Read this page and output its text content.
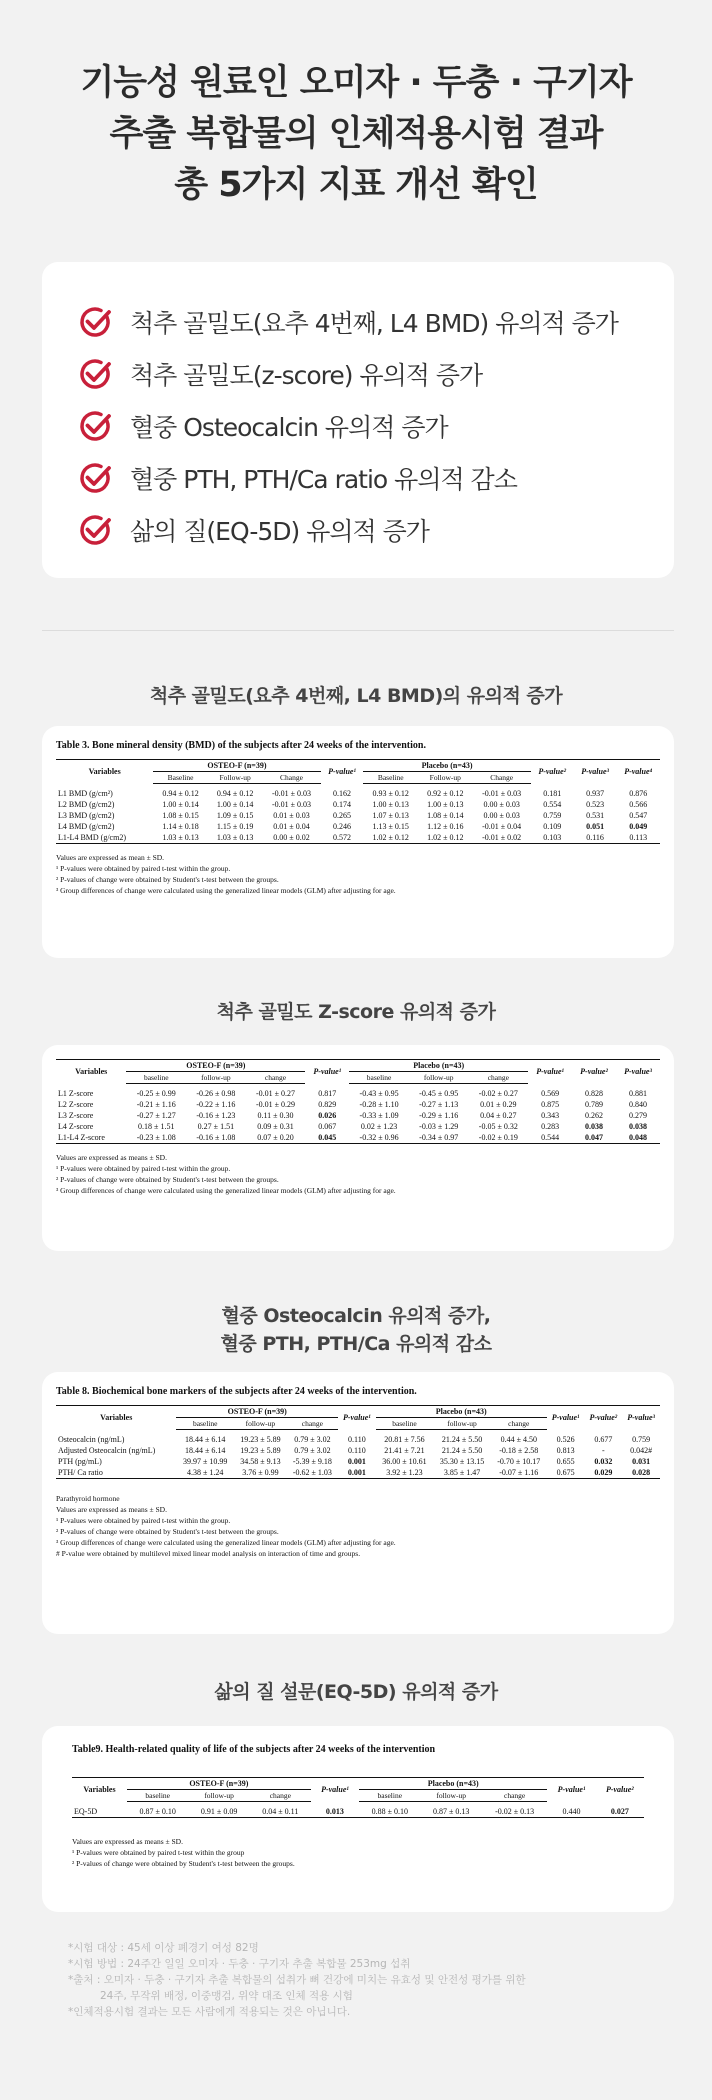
기능성 원료인 오미자 · 두충 · 구기자
추출 복합물의 인체적용시험 결과
총 5가지 지표 개선 확인
척추 골밀도(요추 4번째, L4 BMD) 유의적 증가
척추 골밀도(z-score) 유의적 증가
혈중 Osteocalcin 유의적 증가
혈중 PTH, PTH/Ca ratio 유의적 감소
삶의 질(EQ-5D) 유의적 증가
척추 골밀도(요추 4번째, L4 BMD)의 유의적 증가
Table 3. Bone mineral density (BMD) of the subjects after 24 weeks of the intervention.
Variables	OSTEO-F (n=39)			P-value¹	Placebo (n=43)			P-value²	P-value³	P-value⁴
	Baseline	Follow-up	Change		Baseline	Follow-up	Change			
L1 BMD (g/cm²)	0.94 ± 0.12	0.94 ± 0.12	-0.01 ± 0.03	0.162	0.93 ± 0.12	0.92 ± 0.12	-0.01 ± 0.03	0.181	0.937	0.876
L2 BMD (g/cm2)	1.00 ± 0.14	1.00 ± 0.14	-0.01 ± 0.03	0.174	1.00 ± 0.13	1.00 ± 0.13	0.00 ± 0.03	0.554	0.523	0.566
L3 BMD (g/cm2)	1.08 ± 0.15	1.09 ± 0.15	0.01 ± 0.03	0.265	1.07 ± 0.13	1.08 ± 0.14	0.00 ± 0.03	0.759	0.531	0.547
L4 BMD (g/cm2)	1.14 ± 0.18	1.15 ± 0.19	0.01 ± 0.04	0.246	1.13 ± 0.15	1.12 ± 0.16	-0.01 ± 0.04	0.109	0.051	0.049
L1-L4 BMD (g/cm2)	1.03 ± 0.13	1.03 ± 0.13	0.00 ± 0.02	0.572	1.02 ± 0.12	1.02 ± 0.12	-0.01 ± 0.02	0.103	0.116	0.113
Values are expressed as mean ± SD.
¹ P-values were obtained by paired t-test within the group.
² P-values of change were obtained by Student's t-test between the groups.
³ Group differences of change were calculated using the generalized linear models (GLM) after adjusting for age.
척추 골밀도 Z-score 유의적 증가
Variables	OSTEO-F (n=39)			P-value¹	Placebo (n=43)			P-value¹	P-value²	P-value³
	baseline	follow-up	change		baseline	follow-up	change			
L1 Z-score	-0.25 ± 0.99	-0.26 ± 0.98	-0.01 ± 0.27	0.817	-0.43 ± 0.95	-0.45 ± 0.95	-0.02 ± 0.27	0.569	0.828	0.881
L2 Z-score	-0.21 ± 1.16	-0.22 ± 1.16	-0.01 ± 0.29	0.829	-0.28 ± 1.10	-0.27 ± 1.13	0.01 ± 0.29	0.875	0.789	0.840
L3 Z-score	-0.27 ± 1.27	-0.16 ± 1.23	0.11 ± 0.30	0.026	-0.33 ± 1.09	-0.29 ± 1.16	0.04 ± 0.27	0.343	0.262	0.279
L4 Z-score	0.18 ± 1.51	0.27 ± 1.51	0.09 ± 0.31	0.067	0.02 ± 1.23	-0.03 ± 1.29	-0.05 ± 0.32	0.283	0.038	0.038
L1-L4 Z-score	-0.23 ± 1.08	-0.16 ± 1.08	0.07 ± 0.20	0.045	-0.32 ± 0.96	-0.34 ± 0.97	-0.02 ± 0.19	0.544	0.047	0.048
Values are expressed as means ± SD.
¹ P-values were obtained by paired t-test within the group.
² P-values of change were obtained by Student's t-test between the groups.
³ Group differences of change were calculated using the generalized linear models (GLM) after adjusting for age.
혈중 Osteocalcin 유의적 증가,
혈중 PTH, PTH/Ca 유의적 감소
Table 8. Biochemical bone markers of the subjects after 24 weeks of the intervention.
Variables	OSTEO-F (n=39)			P-value¹	Placebo (n=43)			P-value¹	P-value²	P-value³
	baseline	follow-up	change		baseline	follow-up	change			
Osteocalcin (ng/mL)	18.44 ± 6.14	19.23 ± 5.89	0.79 ± 3.02	0.110	20.81 ± 7.56	21.24 ± 5.50	0.44 ± 4.50	0.526	0.677	0.759
Adjusted Osteocalcin (ng/mL)	18.44 ± 6.14	19.23 ± 5.89	0.79 ± 3.02	0.110	21.41 ± 7.21	21.24 ± 5.50	-0.18 ± 2.58	0.813	-	0.042#
PTH (pg/mL)	39.97 ± 10.99	34.58 ± 9.13	-5.39 ± 9.18	0.001	36.00 ± 10.61	35.30 ± 13.15	-0.70 ± 10.17	0.655	0.032	0.031
PTH/ Ca ratio	4.38 ± 1.24	3.76 ± 0.99	-0.62 ± 1.03	0.001	3.92 ± 1.23	3.85 ± 1.47	-0.07 ± 1.16	0.675	0.029	0.028
Parathyroid hormone
Values are expressed as means ± SD.
¹ P-values were obtained by paired t-test within the group.
² P-values of change were obtained by Student's t-test between the groups.
³ Group differences of change were calculated using the generalized linear models (GLM) after adjusting for age.
# P-value were obtained by multilevel mixed linear model analysis on interaction of time and groups.
삶의 질 설문(EQ-5D) 유의적 증가
Table9. Health-related quality of life of the subjects after 24 weeks of the intervention
Variables	OSTEO-F (n=39)			P-value¹	Placebo (n=43)			P-value¹	P-value²
	baseline	follow-up	change		baseline	follow-up	change		
EQ-5D	0.87 ± 0.10	0.91 ± 0.09	0.04 ± 0.11	0.013	0.88 ± 0.10	0.87 ± 0.13	-0.02 ± 0.13	0.440	0.027
Values are expressed as means ± SD.
¹ P-values were obtained by paired t-test within the group
² P-values of change were obtained by Student's t-test between the groups.
*시험 대상 : 45세 이상 폐경기 여성 82명
*시험 방법 : 24주간 일일 오미자 · 두충 · 구기자 추출 복합물 253mg 섭취
*출처 : 오미자 · 두충 · 구기자 추출 복합물의 섭취가 뼈 건강에 미치는 유효성 및 안전성 평가를 위한
24주, 무작위 배정, 이중맹검, 위약 대조 인체 적용 시험
*인체적용시험 결과는 모든 사람에게 적용되는 것은 아닙니다.
